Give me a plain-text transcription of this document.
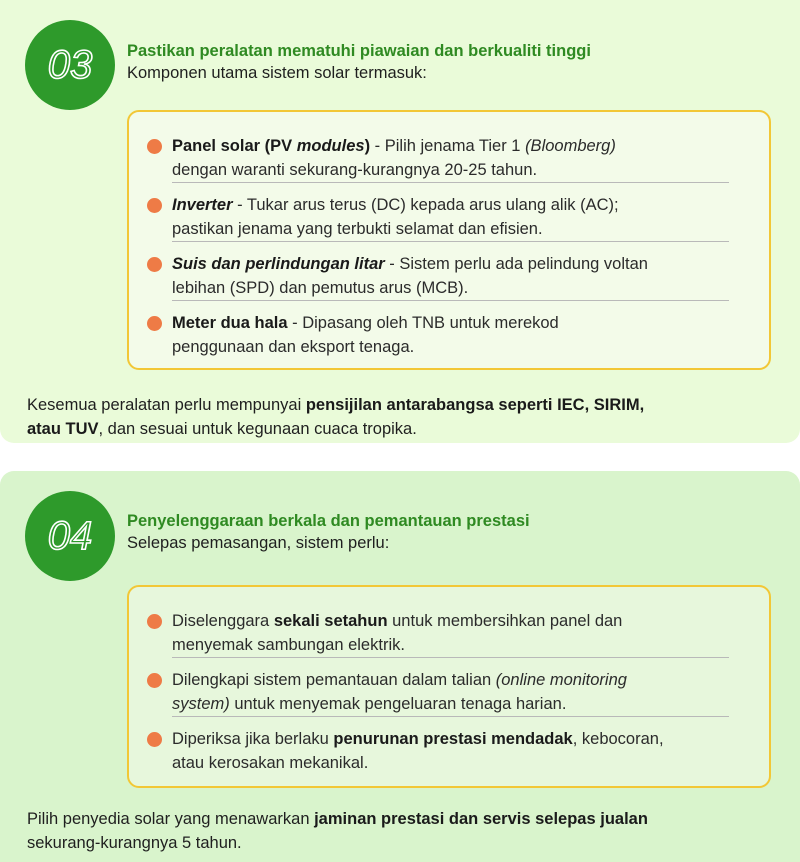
03 Pastikan peralatan mematuhi piawaian dan berkualiti tinggi

Komponen utama sistem solar termasuk:

Panel solar (PV modules) - Pilih jenama Tier 1 (Bloomberg)
dengan waranti sekurang-kurangnya 20-25 tahun.
Inverter - Tukar arus terus (DC) kepada arus ulang alik (AC);
pastikan jenama yang terbukti selamat dan efisien.
Suis dan perlindungan litar - Sistem perlu ada pelindung voltan
lebihan (SPD) dan pemutus arus (MCB).
Meter dua hala - Dipasang oleh TNB untuk merekod
penggunaan dan eksport tenaga.

Kesemua peralatan perlu mempunyai pensijilan antarabangsa seperti IEC, SIRIM,
atau TUV, dan sesuai untuk kegunaan cuaca tropika.

04 Penyelenggaraan berkala dan pemantauan prestasi

Selepas pemasangan, sistem perlu:

Diselenggara sekali setahun untuk membersihkan panel dan
menyemak sambungan elektrik.
Dilengkapi sistem pemantauan dalam talian (online monitoring
system) untuk menyemak pengeluaran tenaga harian.
Diperiksa jika berlaku penurunan prestasi mendadak, kebocoran,
atau kerosakan mekanikal.

Pilih penyedia solar yang menawarkan jaminan prestasi dan servis selepas jualan
sekurang-kurangnya 5 tahun.
